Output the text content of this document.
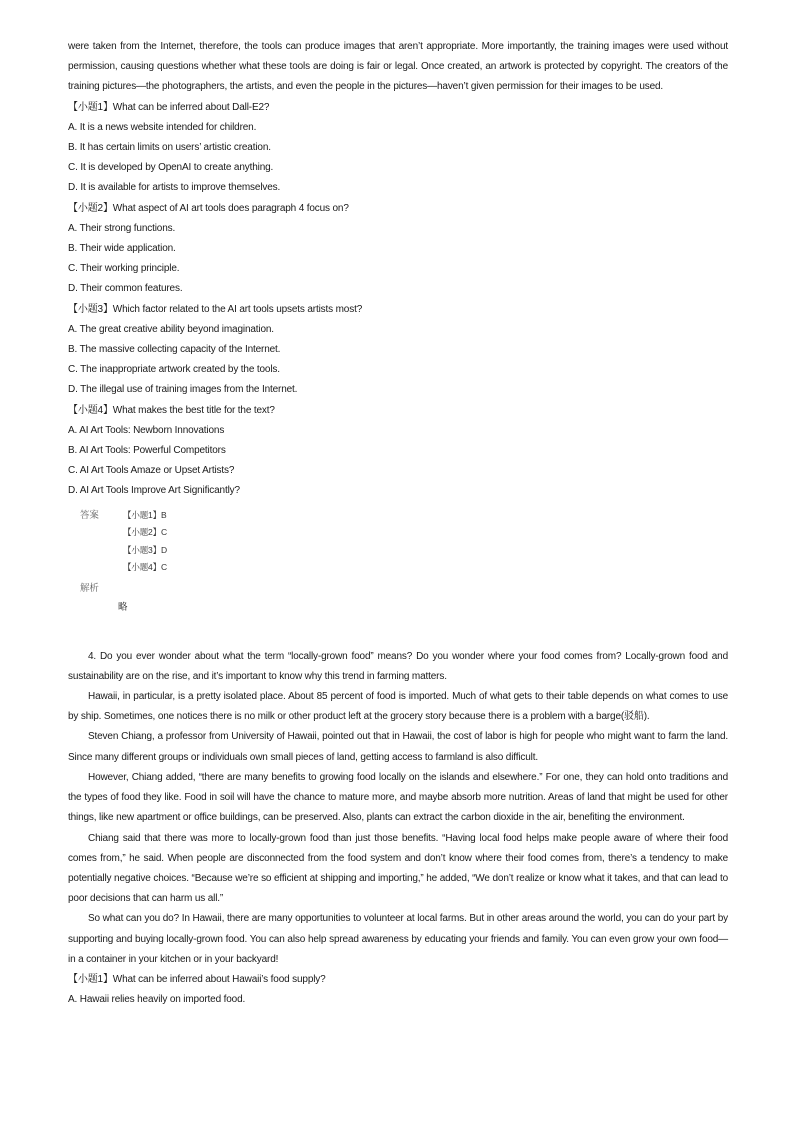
were taken from the Internet, therefore, the tools can produce images that aren’t appropriate. More importantly, the training images were used without permission, causing questions whether what these tools are doing is fair or legal. Once created, an artwork is protected by copyright. The creators of the training pictures—the photographers, the artists, and even the people in the pictures—haven’t given permission for their images to be used.

【小题1】What can be inferred about Dall-E2?

A. It is a news website intended for children.

B. It has certain limits on users’ artistic creation.

C. It is developed by OpenAI to create anything.

D. It is available for artists to improve themselves.

【小题2】What aspect of AI art tools does paragraph 4 focus on?

A. Their strong functions.

B. Their wide application.

C. Their working principle.

D. Their common features.

【小题3】Which factor related to the AI art tools upsets artists most?

A. The great creative ability beyond imagination.

B. The massive collecting capacity of the Internet.

C. The inappropriate artwork created by the tools.

D. The illegal use of training images from the Internet.

【小题4】What makes the best title for the text?

A. AI Art Tools: Newborn Innovations

B. AI Art Tools: Powerful Competitors

C. AI Art Tools Amaze or Upset Artists?

D. AI Art Tools Improve Art Significantly?

答案	【小题1】B
【小题2】C
【小题3】D
【小题4】C
解析
略

4. Do you ever wonder about what the term “locally-grown food” means? Do you wonder where your food comes from? Locally-grown food and sustainability are on the rise, and it’s important to know why this trend in farming matters.

Hawaii, in particular, is a pretty isolated place. About 85 percent of food is imported. Much of what gets to their table depends on what comes to use by ship. Sometimes, one notices there is no milk or other product left at the grocery story because there is a problem with a barge(驳船).

Steven Chiang, a professor from University of Hawaii, pointed out that in Hawaii, the cost of labor is high for people who might want to farm the land. Since many different groups or individuals own small pieces of land, getting access to farmland is also difficult.

However, Chiang added, “there are many benefits to growing food locally on the islands and elsewhere.” For one, they can hold onto traditions and the types of food they like. Food in soil will have the chance to mature more, and maybe absorb more nutrition. Areas of land that might be used for other things, like new apartment or office buildings, can be preserved. Also, plants can extract the carbon dioxide in the air, benefiting the environment.

Chiang said that there was more to locally-grown food than just those benefits. “Having local food helps make people aware of where their food comes from,” he said. When people are disconnected from the food system and don’t know where their food comes from, there’s a tendency to make potentially negative choices. “Because we’re so efficient at shipping and importing,” he added, “We don’t realize or know what it takes, and that can lead to poor decisions that can harm us all.”

So what can you do? In Hawaii, there are many opportunities to volunteer at local farms. But in other areas around the world, you can do your part by supporting and buying locally-grown food. You can also help spread awareness by educating your friends and family. You can even grow your own food—in a container in your kitchen or in your backyard!

【小题1】What can be inferred about Hawaii’s food supply?

A. Hawaii relies heavily on imported food.
